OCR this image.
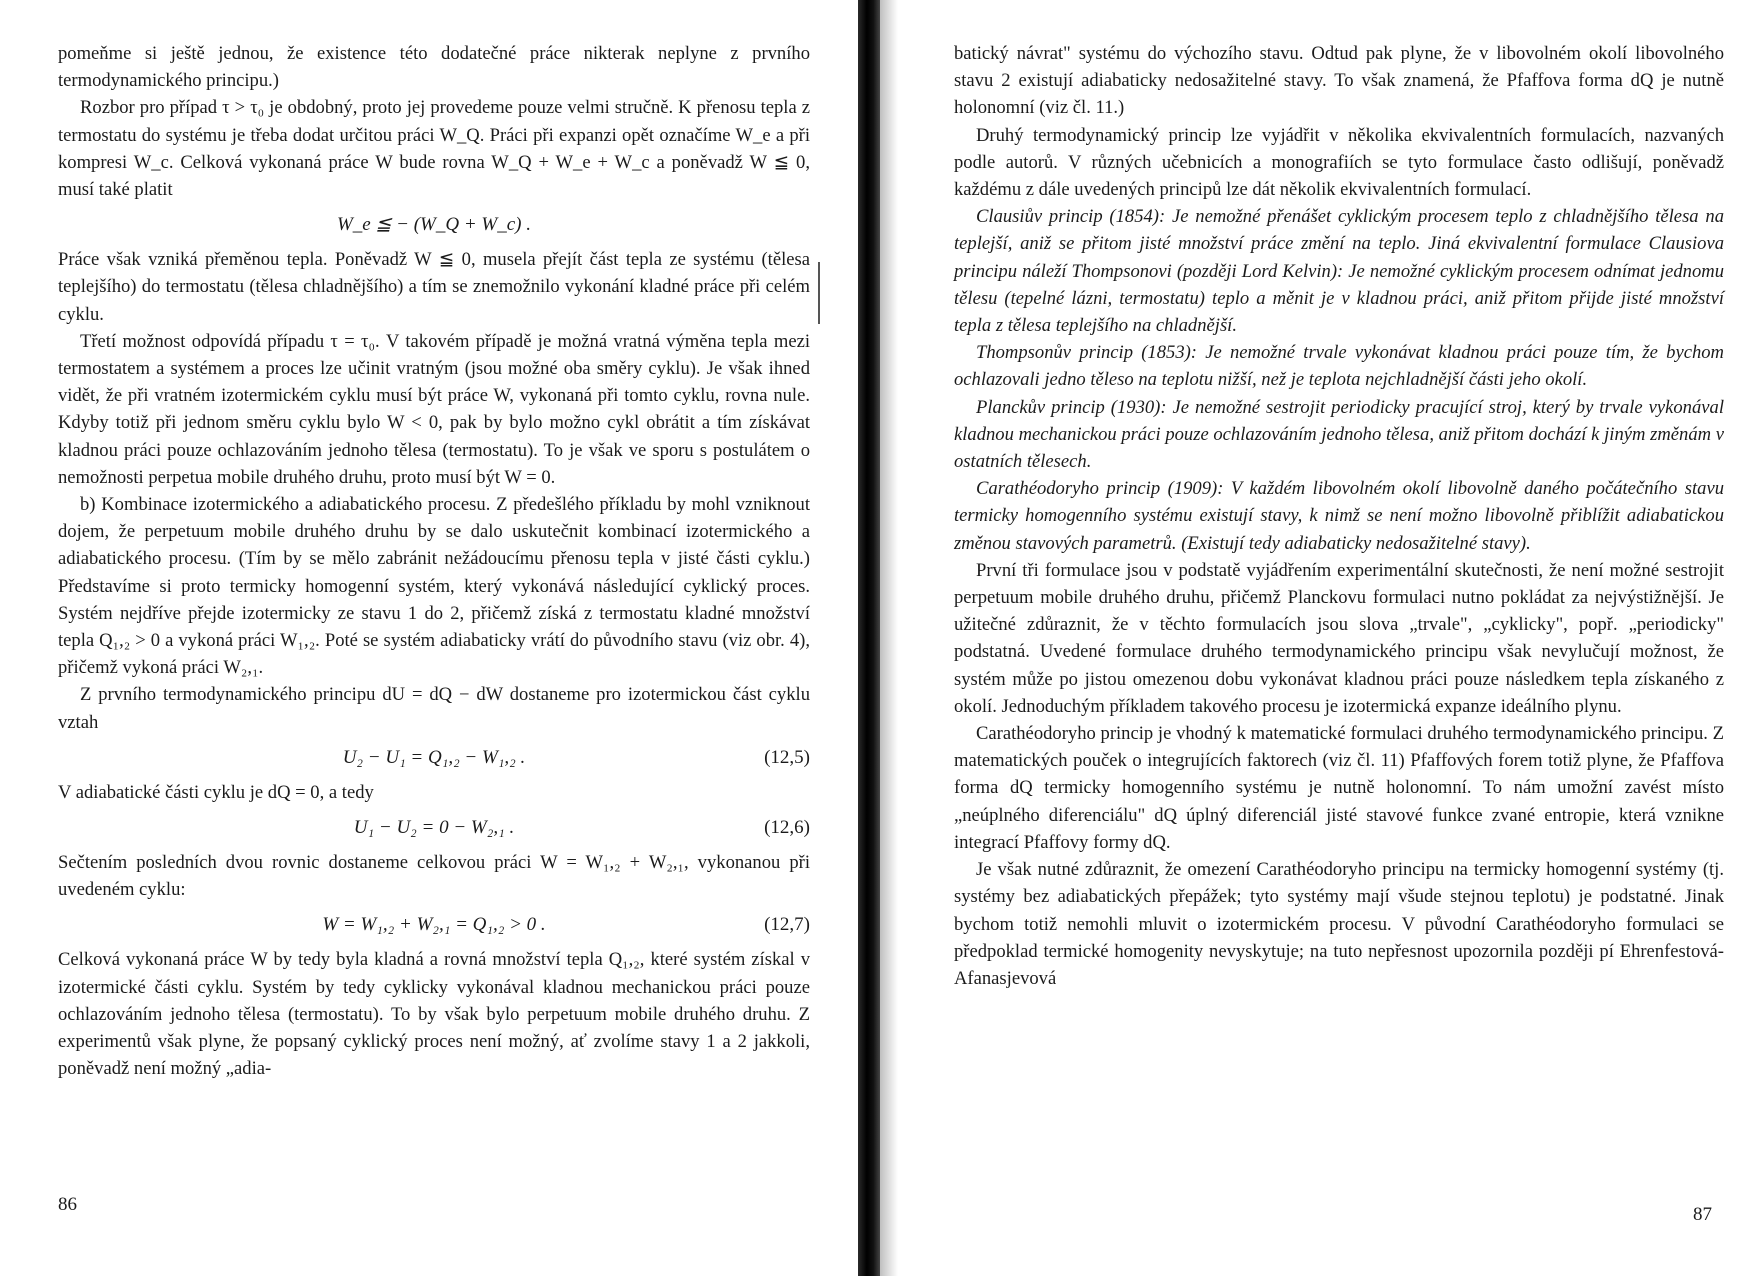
pomeňme si ještě jednou, že existence této dodatečné práce nikterak neplyne z prvního termodynamického principu.)

Rozbor pro případ τ > τ₀ je obdobný, proto jej provedeme pouze velmi stručně. K přenosu tepla z termostatu do systému je třeba dodat určitou práci W_Q. Práci při expanzi opět označíme W_e a při kompresi W_c. Celková vykonaná práce W bude rovna W_Q + W_e + W_c a poněvadž W ≦ 0, musí také platit

W_e ≦ − (W_Q + W_c) .

Práce však vzniká přeměnou tepla. Poněvadž W ≦ 0, musela přejít část tepla ze systému (tělesa teplejšího) do termostatu (tělesa chladnějšího) a tím se znemožnilo vykonání kladné práce při celém cyklu.

Třetí možnost odpovídá případu τ = τ₀. V takovém případě je možná vratná výměna tepla mezi termostatem a systémem a proces lze učinit vratným (jsou možné oba směry cyklu). Je však ihned vidět, že při vratném izotermickém cyklu musí být práce W, vykonaná při tomto cyklu, rovna nule. Kdyby totiž při jednom směru cyklu bylo W < 0, pak by bylo možno cykl obrátit a tím získávat kladnou práci pouze ochlazováním jednoho tělesa (termostatu). To je však ve sporu s postulátem o nemožnosti perpetua mobile druhého druhu, proto musí být W = 0.

b) Kombinace izotermického a adiabatického procesu. Z předešlého příkladu by mohl vzniknout dojem, že perpetuum mobile druhého druhu by se dalo uskutečnit kombinací izotermického a adiabatického procesu. (Tím by se mělo zabránit nežádoucímu přenosu tepla v jisté části cyklu.) Představíme si proto termicky homogenní systém, který vykonává následující cyklický proces. Systém nejdříve přejde izotermicky ze stavu 1 do 2, přičemž získá z termostatu kladné množství tepla Q₁,₂ > 0 a vykoná práci W₁,₂. Poté se systém adiabaticky vrátí do původního stavu (viz obr. 4), přičemž vykoná práci W₂,₁.

Z prvního termodynamického principu dU = dQ − dW dostaneme pro izotermickou část cyklu vztah

U₂ − U₁ = Q₁,₂ − W₁,₂ .	(12,5)

V adiabatické části cyklu je dQ = 0, a tedy

U₁ − U₂ = 0 − W₂,₁ .	(12,6)

Sečtením posledních dvou rovnic dostaneme celkovou práci W = W₁,₂ + W₂,₁, vykonanou při uvedeném cyklu:

W = W₁,₂ + W₂,₁ = Q₁,₂ > 0 .	(12,7)

Celková vykonaná práce W by tedy byla kladná a rovná množství tepla Q₁,₂, které systém získal v izotermické části cyklu. Systém by tedy cyklicky vykonával kladnou mechanickou práci pouze ochlazováním jednoho tělesa (termostatu). To by však bylo perpetuum mobile druhého druhu. Z experimentů však plyne, že popsaný cyklický proces není možný, ať zvolíme stavy 1 a 2 jakkoli, poněvadž není možný „adia-

86

batický návrat" systému do výchozího stavu. Odtud pak plyne, že v libovolném okolí libovolného stavu 2 existují adiabaticky nedosažitelné stavy. To však znamená, že Pfaffova forma dQ je nutně holonomní (viz čl. 11.)

Druhý termodynamický princip lze vyjádřit v několika ekvivalentních formulacích, nazvaných podle autorů. V různých učebnicích a monografiích se tyto formulace často odlišují, poněvadž každému z dále uvedených principů lze dát několik ekvivalentních formulací.

Clausiův princip (1854): Je nemožné přenášet cyklickým procesem teplo z chladnějšího tělesa na teplejší, aniž se přitom jisté množství práce změní na teplo. Jiná ekvivalentní formulace Clausiova principu náleží Thompsonovi (později Lord Kelvin): Je nemožné cyklickým procesem odnímat jednomu tělesu (tepelné lázni, termostatu) teplo a měnit je v kladnou práci, aniž přitom přijde jisté množství tepla z tělesa teplejšího na chladnější.

Thompsonův princip (1853): Je nemožné trvale vykonávat kladnou práci pouze tím, že bychom ochlazovali jedno těleso na teplotu nižší, než je teplota nejchladnější části jeho okolí.

Planckův princip (1930): Je nemožné sestrojit periodicky pracující stroj, který by trvale vykonával kladnou mechanickou práci pouze ochlazováním jednoho tělesa, aniž přitom dochází k jiným změnám v ostatních tělesech.

Carathéodoryho princip (1909): V každém libovolném okolí libovolně daného počátečního stavu termicky homogenního systému existují stavy, k nimž se není možno libovolně přiblížit adiabatickou změnou stavových parametrů. (Existují tedy adiabaticky nedosažitelné stavy).

První tři formulace jsou v podstatě vyjádřením experimentální skutečnosti, že není možné sestrojit perpetuum mobile druhého druhu, přičemž Planckovu formulaci nutno pokládat za nejvýstižnější. Je užitečné zdůraznit, že v těchto formulacích jsou slova „trvale", „cyklicky", popř. „periodicky" podstatná. Uvedené formulace druhého termodynamického principu však nevylučují možnost, že systém může po jistou omezenou dobu vykonávat kladnou práci pouze následkem tepla získaného z okolí. Jednoduchým příkladem takového procesu je izotermická expanze ideálního plynu.

Carathéodoryho princip je vhodný k matematické formulaci druhého termodynamického principu. Z matematických pouček o integrujících faktorech (viz čl. 11) Pfaffových forem totiž plyne, že Pfaffova forma dQ termicky homogenního systému je nutně holonomní. To nám umožní zavést místo „neúplného diferenciálu" dQ úplný diferenciál jisté stavové funkce zvané entropie, která vznikne integrací Pfaffovy formy dQ.

Je však nutné zdůraznit, že omezení Carathéodoryho principu na termicky homogenní systémy (tj. systémy bez adiabatických přepážek; tyto systémy mají všude stejnou teplotu) je podstatné. Jinak bychom totiž nemohli mluvit o izotermickém procesu. V původní Carathéodoryho formulaci se předpoklad termické homogenity nevyskytuje; na tuto nepřesnost upozornila později pí Ehrenfestová-Afanasjevová

87
